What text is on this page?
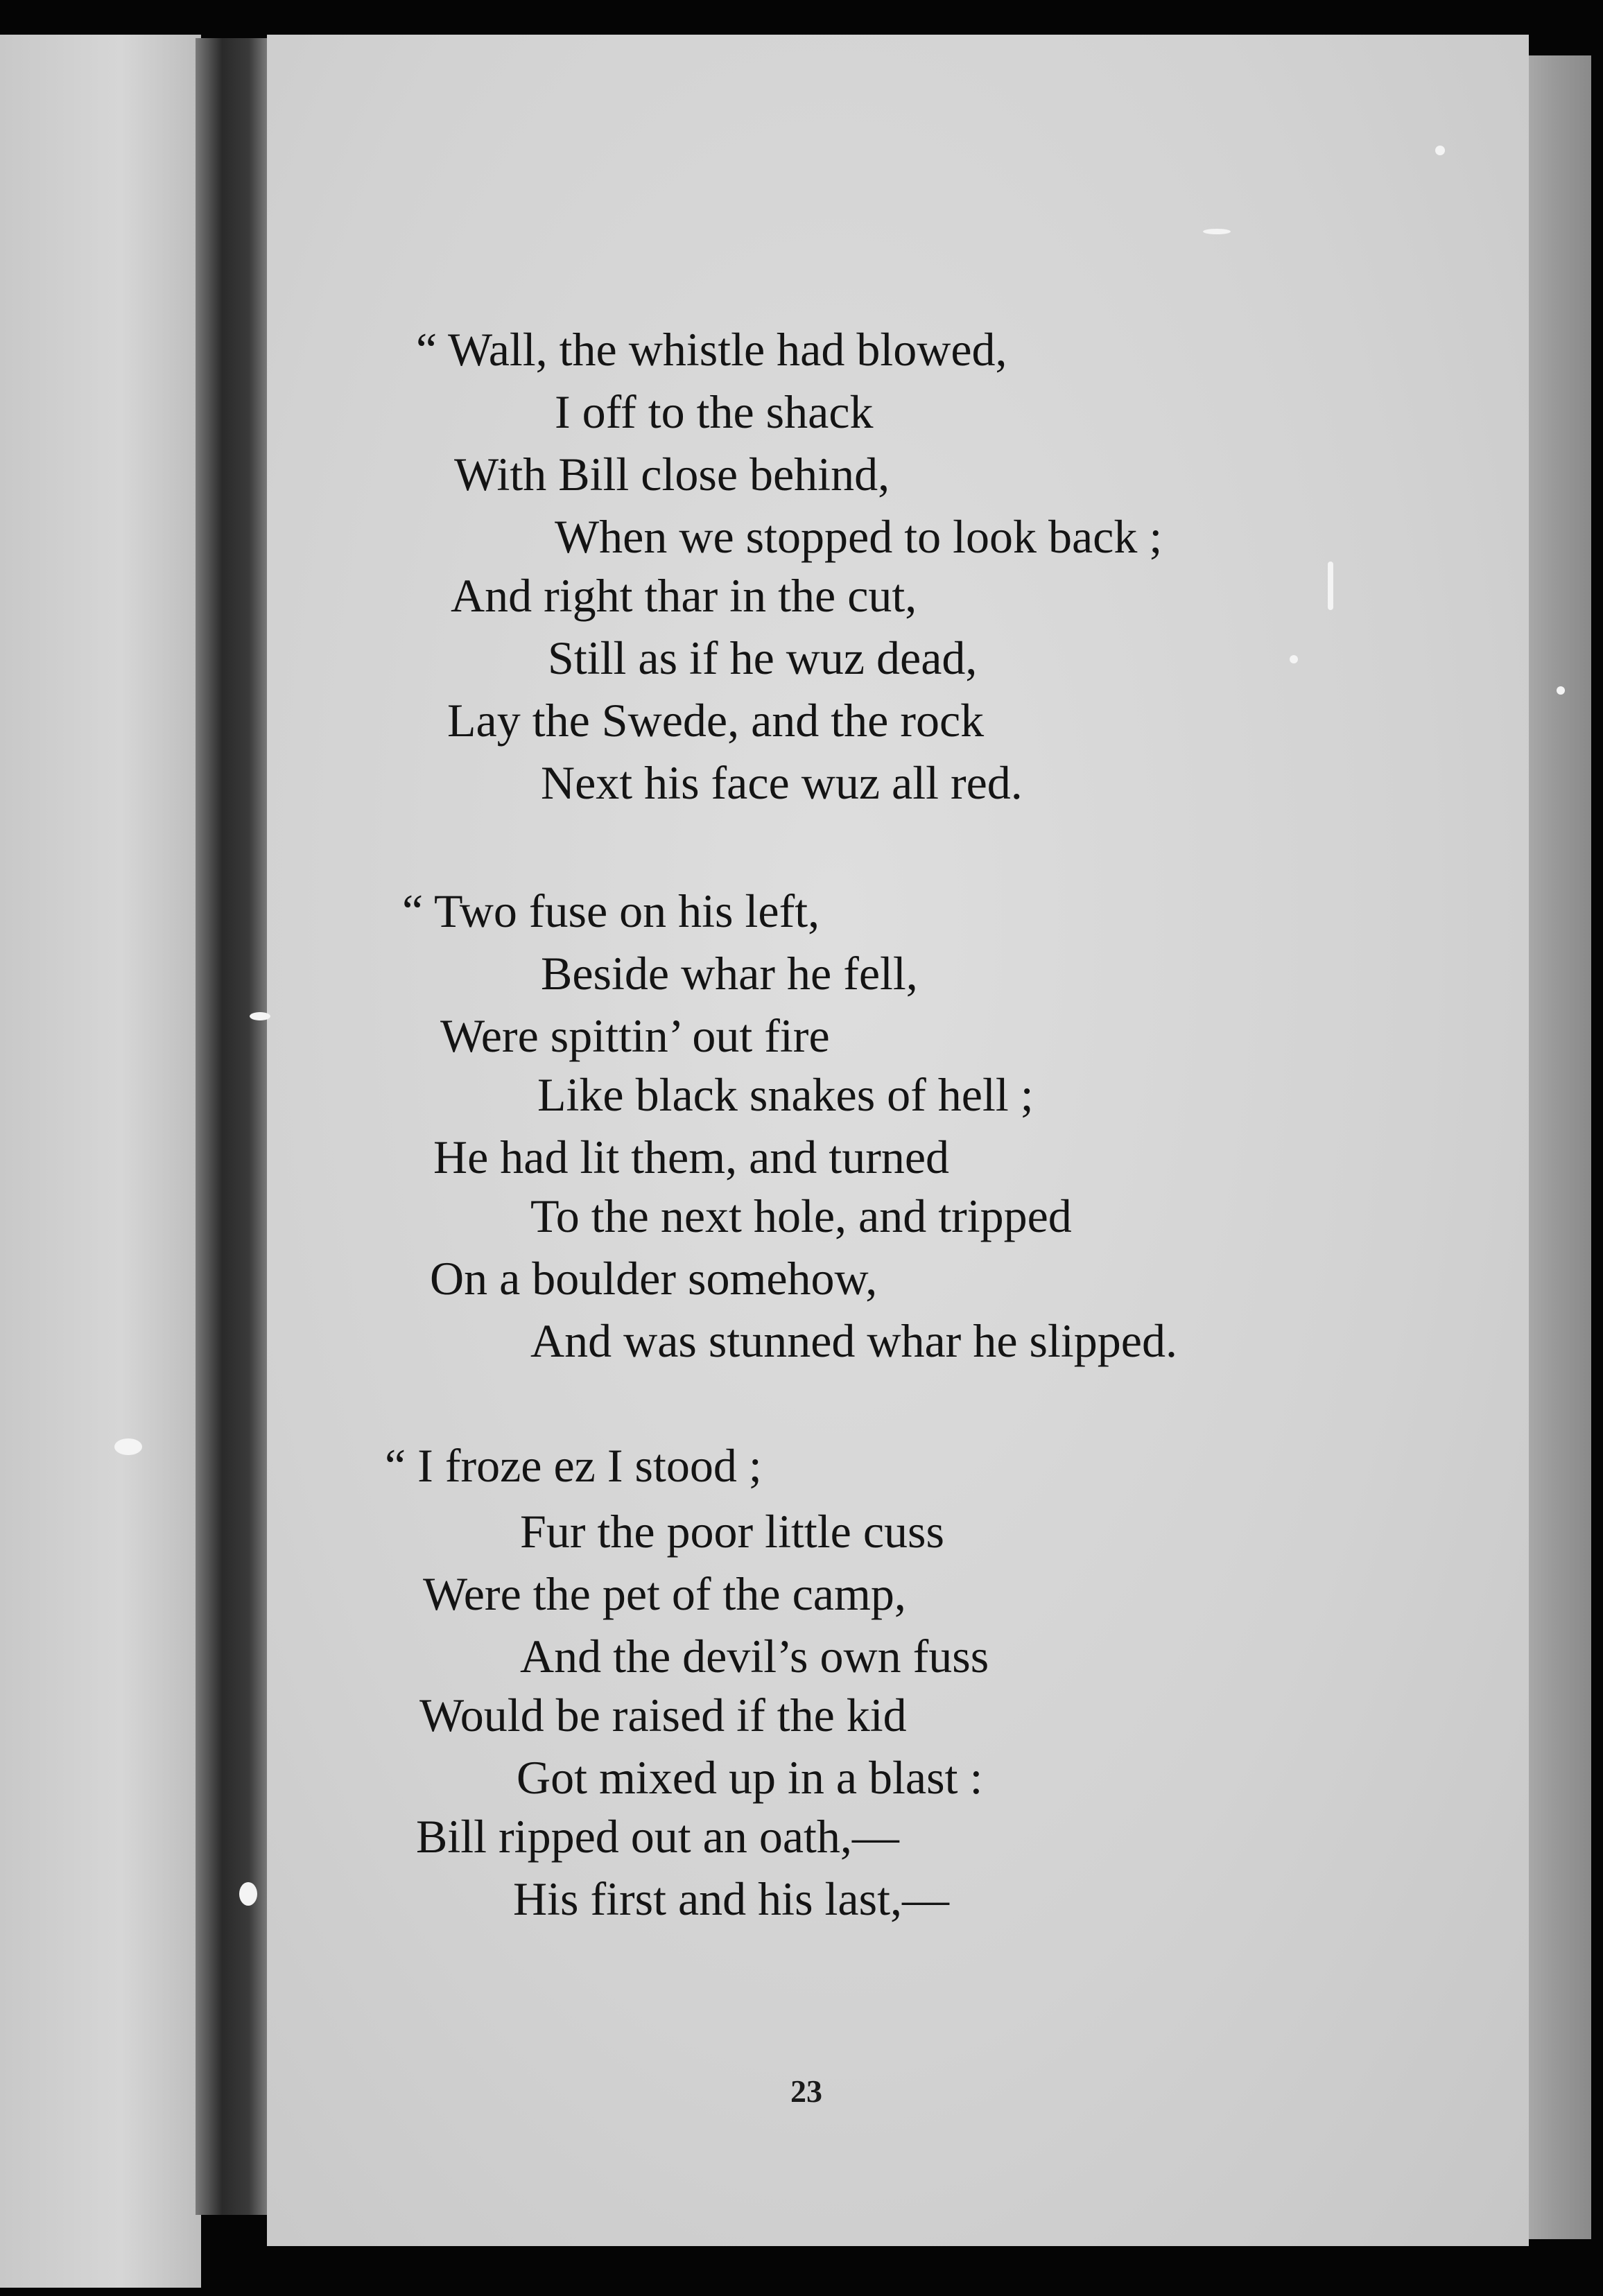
“ Wall, the whistle had blowed,
I off to the shack
With Bill close behind,
When we stopped to look back ;
And right thar in the cut,
Still as if he wuz dead,
Lay the Swede, and the rock
Next his face wuz all red.
“ Two fuse on his left,
Beside whar he fell,
Were spittin’ out fire
Like black snakes of hell ;
He had lit them, and turned
To the next hole, and tripped
On a boulder somehow,
And was stunned whar he slipped.
“ I froze ez I stood ;
Fur the poor little cuss
Were the pet of the camp,
And the devil’s own fuss
Would be raised if the kid
Got mixed up in a blast :
Bill ripped out an oath,—
His first and his last,—
23
